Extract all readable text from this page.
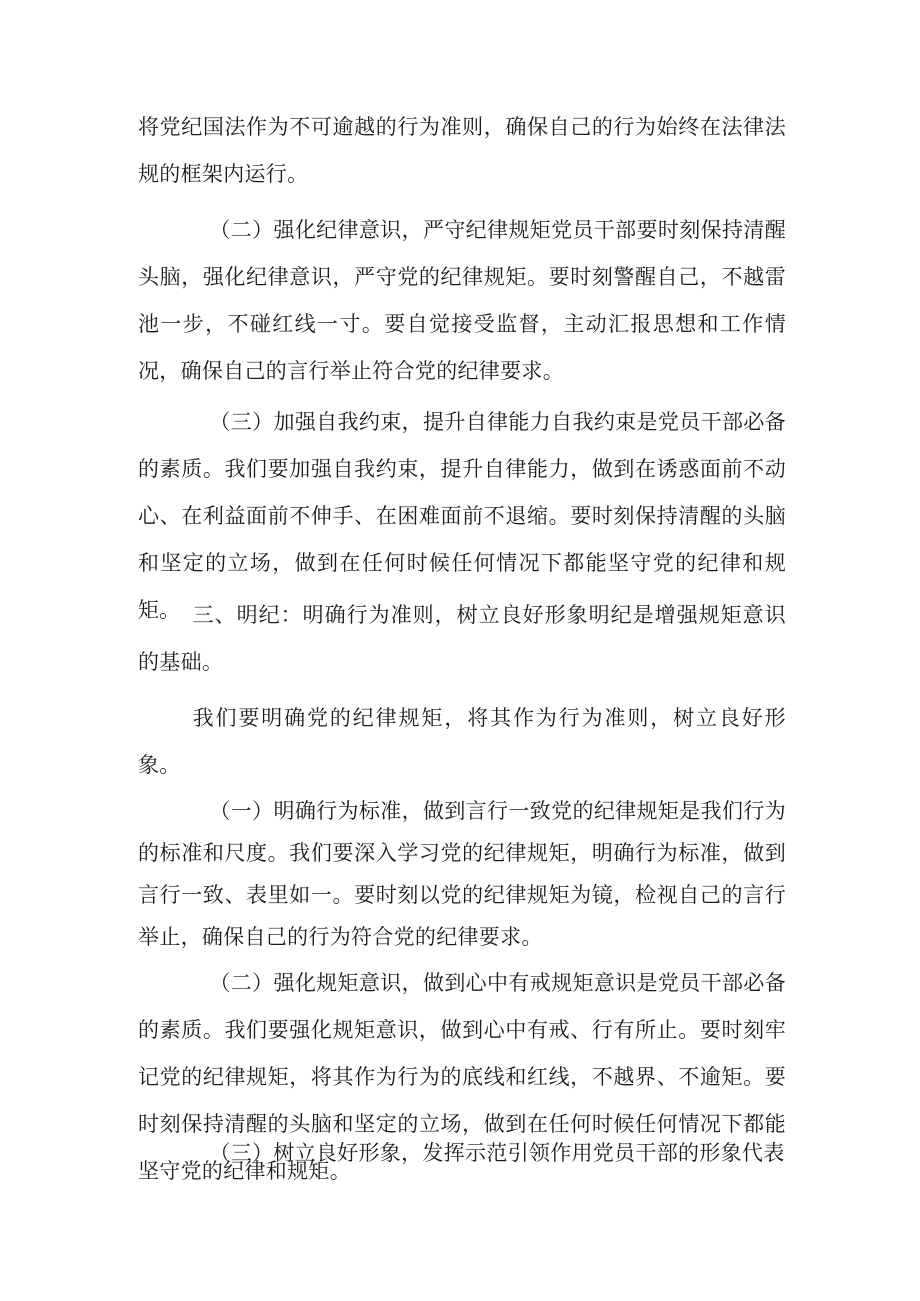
将党纪国法作为不可逾越的行为准则，确保自己的行为始终在法律法规的框架内运行。

（二）强化纪律意识，严守纪律规矩党员干部要时刻保持清醒头脑，强化纪律意识，严守党的纪律规矩。要时刻警醒自己，不越雷池一步，不碰红线一寸。要自觉接受监督，主动汇报思想和工作情况，确保自己的言行举止符合党的纪律要求。

（三）加强自我约束，提升自律能力自我约束是党员干部必备的素质。我们要加强自我约束，提升自律能力，做到在诱惑面前不动心、在利益面前不伸手、在困难面前不退缩。要时刻保持清醒的头脑和坚定的立场，做到在任何时候任何情况下都能坚守党的纪律和规矩。 三、明纪：明确行为准则，树立良好形象明纪是增强规矩意识的基础。

我们要明确党的纪律规矩，将其作为行为准则，树立良好形象。

（一）明确行为标准，做到言行一致党的纪律规矩是我们行为的标准和尺度。我们要深入学习党的纪律规矩，明确行为标准，做到言行一致、表里如一。要时刻以党的纪律规矩为镜，检视自己的言行举止，确保自己的行为符合党的纪律要求。

（二）强化规矩意识，做到心中有戒规矩意识是党员干部必备的素质。我们要强化规矩意识，做到心中有戒、行有所止。要时刻牢记党的纪律规矩，将其作为行为的底线和红线，不越界、不逾矩。要时刻保持清醒的头脑和坚定的立场，做到在任何时候任何情况下都能坚守党的纪律和规矩。

（三）树立良好形象，发挥示范引领作用党员干部的形象代表
